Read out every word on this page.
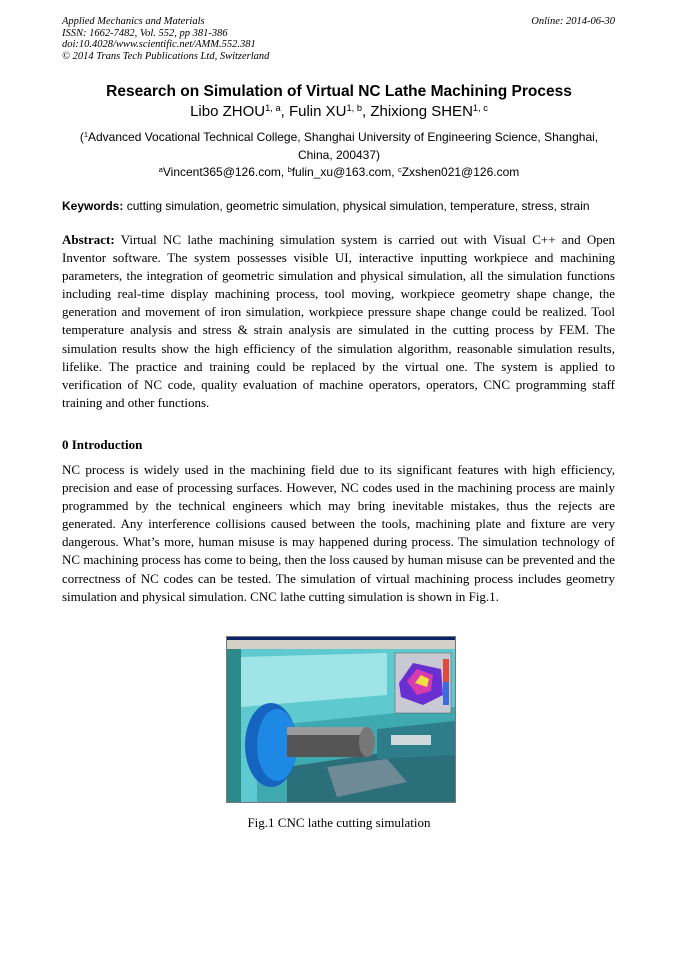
Applied Mechanics and Materials
ISSN: 1662-7482, Vol. 552, pp 381-386
doi:10.4028/www.scientific.net/AMM.552.381
© 2014 Trans Tech Publications Ltd, Switzerland
Online: 2014-06-30
Research on Simulation of Virtual NC Lathe Machining Process
Libo ZHOU$^{1, a}$, Fulin XU$^{1, b}$, Zhixiong SHEN$^{1, c}$
($^1$Advanced Vocational Technical College, Shanghai University of Engineering Science, Shanghai, China, 200437)
$^a$Vincent365@126.com, $^b$fulin_xu@163.com, $^c$Zxshen021@126.com
Keywords: cutting simulation, geometric simulation, physical simulation, temperature, stress, strain
Abstract: Virtual NC lathe machining simulation system is carried out with Visual C++ and Open Inventor software. The system possesses visible UI, interactive inputting workpiece and machining parameters, the integration of geometric simulation and physical simulation, all the simulation functions including real-time display machining process, tool moving, workpiece geometry shape change, the generation and movement of iron simulation, workpiece pressure shape change could be realized. Tool temperature analysis and stress & strain analysis are simulated in the cutting process by FEM. The simulation results show the high efficiency of the simulation algorithm, reasonable simulation results, lifelike. The practice and training could be replaced by the virtual one. The system is applied to verification of NC code, quality evaluation of machine operators, operators, CNC programming staff training and other functions.
0 Introduction
NC process is widely used in the machining field due to its significant features with high efficiency, precision and ease of processing surfaces. However, NC codes used in the machining process are mainly programmed by the technical engineers which may bring inevitable mistakes, thus the rejects are generated. Any interference collisions caused between the tools, machining plate and fixture are very dangerous. What’s more, human misuse is may happened during process. The simulation technology of NC machining process has come to being, then the loss caused by human misuse can be prevented and the correctness of NC codes can be tested. The simulation of virtual machining process includes geometry simulation and physical simulation. CNC lathe cutting simulation is shown in Fig.1.
Fig.1 CNC lathe cutting simulation
